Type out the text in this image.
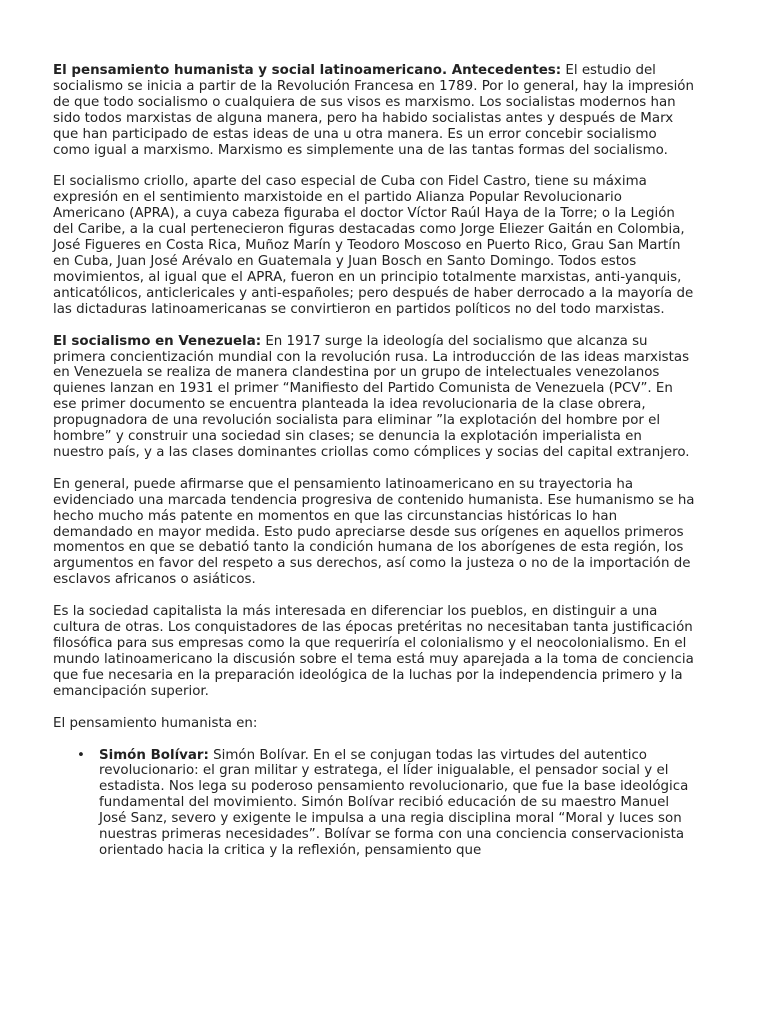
El pensamiento humanista y social latinoamericano. Antecedentes: El estudio del socialismo se inicia a partir de la Revolución Francesa en 1789. Por lo general, hay la impresión de que todo socialismo o cualquiera de sus visos es marxismo. Los socialistas modernos han sido todos marxistas de alguna manera, pero ha habido socialistas antes y después de Marx que han participado de estas ideas de una u otra manera. Es un error concebir socialismo como igual a marxismo. Marxismo es simplemente una de las tantas formas del socialismo.

El socialismo criollo, aparte del caso especial de Cuba con Fidel Castro, tiene su máxima expresión en el sentimiento marxistoide en el partido Alianza Popular Revolucionario Americano (APRA), a cuya cabeza figuraba el doctor Víctor Raúl Haya de la Torre; o la Legión del Caribe, a la cual pertenecieron figuras destacadas como Jorge Eliezer Gaitán en Colombia, José Figueres en Costa Rica, Muñoz Marín y Teodoro Moscoso en Puerto Rico, Grau San Martín en Cuba, Juan José Arévalo en Guatemala y Juan Bosch en Santo Domingo. Todos estos movimientos, al igual que el APRA, fueron en un principio totalmente marxistas, anti-yanquis, anticatólicos, anticlericales y anti-españoles; pero después de haber derrocado a la mayoría de las dictaduras latinoamericanas se convirtieron en partidos políticos no del todo marxistas.

El socialismo en Venezuela: En 1917 surge la ideología del socialismo que alcanza su primera concientización mundial con la revolución rusa. La introducción de las ideas marxistas en Venezuela se realiza de manera clandestina por un grupo de intelectuales venezolanos quienes lanzan en 1931 el primer “Manifiesto del Partido Comunista de Venezuela (PCV”. En ese primer documento se encuentra planteada la idea revolucionaria de la clase obrera, propugnadora de una revolución socialista para eliminar ”la explotación del hombre por el hombre” y construir una sociedad sin clases; se denuncia la explotación imperialista en nuestro país, y a las clases dominantes criollas como cómplices y socias del capital extranjero.

En general, puede afirmarse que el pensamiento latinoamericano en su trayectoria ha evidenciado una marcada tendencia progresiva de contenido humanista. Ese humanismo se ha hecho mucho más patente en momentos en que las circunstancias históricas lo han demandado en mayor medida. Esto pudo apreciarse desde sus orígenes en aquellos primeros momentos en que se debatió tanto la condición humana de los aborígenes de esta región, los argumentos en favor del respeto a sus derechos, así como la justeza o no de la importación de esclavos africanos o asiáticos.

Es la sociedad capitalista la más interesada en diferenciar los pueblos, en distinguir a una cultura de otras. Los conquistadores de las épocas pretéritas no necesitaban tanta justificación filosófica para sus empresas como la que requeriría el colonialismo y el neocolonialismo. En el mundo latinoamericano la discusión sobre el tema está muy aparejada a la toma de conciencia que fue necesaria en la preparación ideológica de la luchas por la independencia primero y la emancipación superior.

El pensamiento humanista en:

• Simón Bolívar: Simón Bolívar. En el se conjugan todas las virtudes del autentico revolucionario: el gran militar y estratega, el líder inigualable, el pensador social y el estadista. Nos lega su poderoso pensamiento revolucionario, que fue la base ideológica fundamental del movimiento. Simón Bolívar recibió educación de su maestro Manuel José Sanz, severo y exigente le impulsa a una regia disciplina moral “Moral y luces son nuestras primeras necesidades”. Bolívar se forma con una conciencia conservacionista orientado hacia la critica y la reflexión, pensamiento que
